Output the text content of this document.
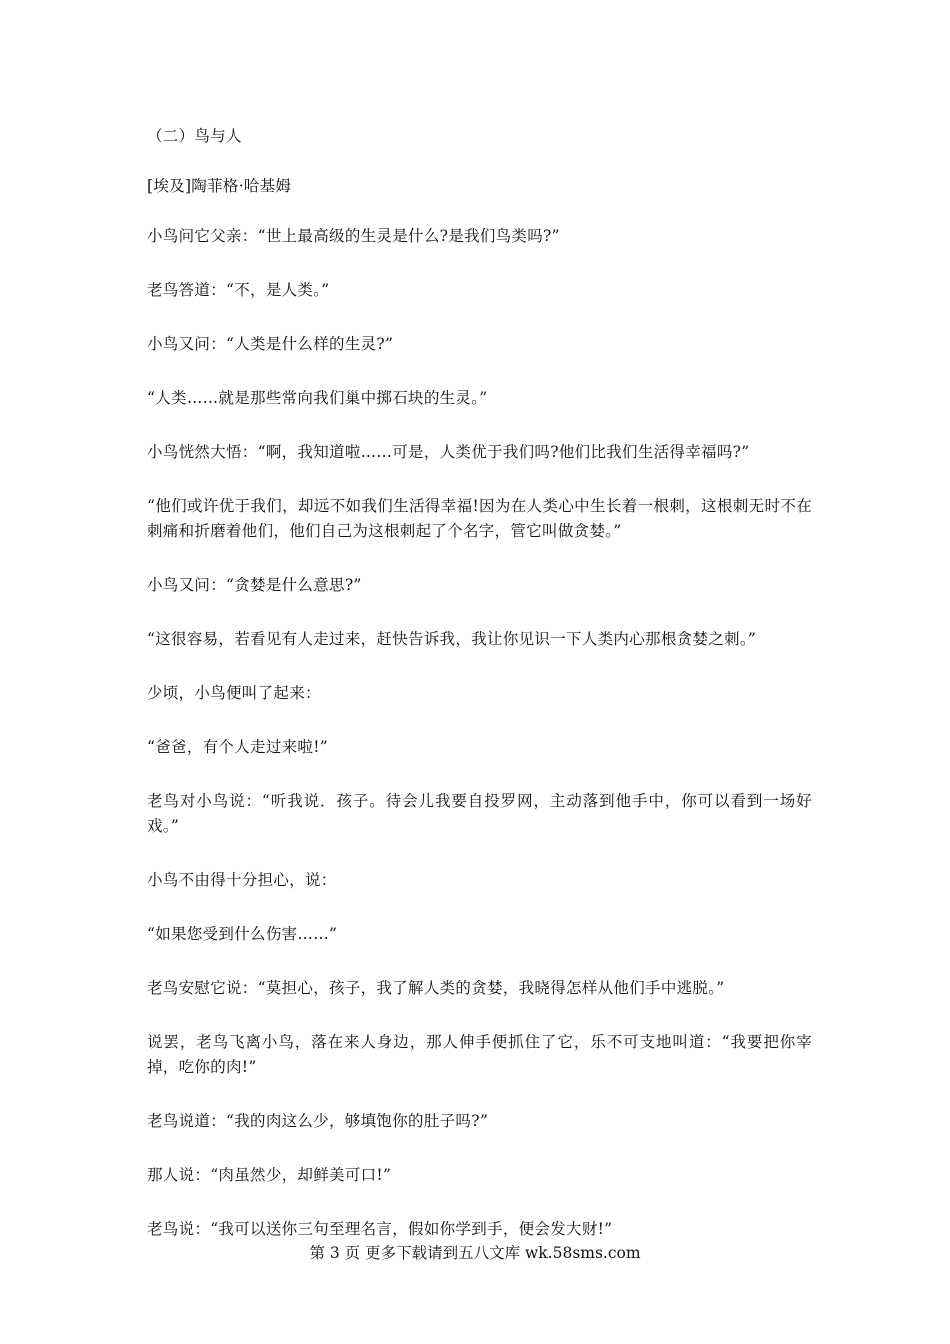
（二）鸟与人

[埃及]陶菲格·哈基姆

小鸟问它父亲：“世上最高级的生灵是什么?是我们鸟类吗?”

老鸟答道：“不，是人类。”

小鸟又问：“人类是什么样的生灵?”

“人类……就是那些常向我们巢中掷石块的生灵。”

小鸟恍然大悟：“啊，我知道啦……可是，人类优于我们吗?他们比我们生活得幸福吗?”

“他们或许优于我们，却远不如我们生活得幸福!因为在人类心中生长着一根刺，这根刺无时不在刺痛和折磨着他们，他们自己为这根刺起了个名字，管它叫做贪婪。”

小鸟又问：“贪婪是什么意思?”

“这很容易，若看见有人走过来，赶快告诉我，我让你见识一下人类内心那根贪婪之刺。”

少顷，小鸟便叫了起来：

“爸爸，有个人走过来啦!”

老鸟对小鸟说：“听我说．孩子。待会儿我要自投罗网，主动落到他手中，你可以看到一场好戏。”

小鸟不由得十分担心，说：

“如果您受到什么伤害……”

老鸟安慰它说：“莫担心，孩子，我了解人类的贪婪，我晓得怎样从他们手中逃脱。”

说罢，老鸟飞离小鸟，落在来人身边，那人伸手便抓住了它，乐不可支地叫道：“我要把你宰掉，吃你的肉!”

老鸟说道：“我的肉这么少，够填饱你的肚子吗?”

那人说：“肉虽然少，却鲜美可口!”

老鸟说：“我可以送你三句至理名言，假如你学到手，便会发大财!”

第 3 页 更多下载请到五八文库 wk.58sms.com
